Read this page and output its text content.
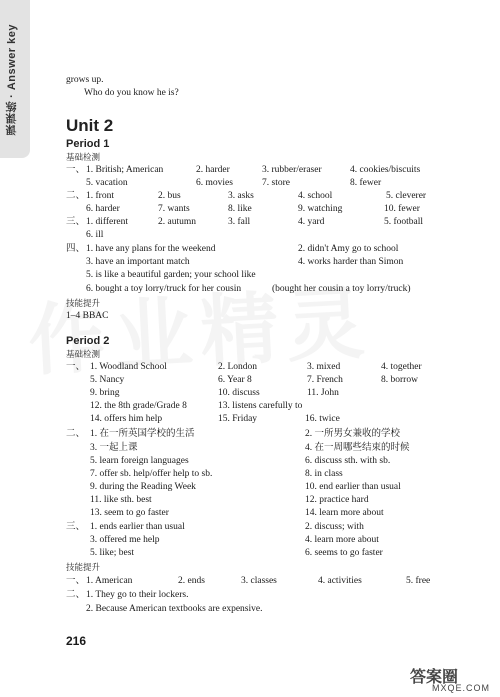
课课练 · Answer key	grows up.
Who do you know he is?
Unit 2
Period 1
基础检测
一、 1. British; American	2. harder	3. rubber/eraser	4. cookies/biscuits
5. vacation	6. movies	7. store	8. fewer
二、 1. front	2. bus	3. asks	4. school	5. cleverer
6. harder	7. wants	8. like	9. watching	10. fewer
三、 1. different	2. autumn	3. fall	4. yard	5. football
6. ill
四、 1. have any plans for the weekend	2. didn't Amy go to school
3. have an important match	4. works harder than Simon
5. is like a beautiful garden; your school like
6. bought a toy lorry/truck for her cousin	(bought her cousin a toy lorry/truck)
技能提升
1–4 BBAC
Period 2
基础检测
一、 1. Woodland School	2. London	3. mixed	4. together
5. Nancy	6. Year 8	7. French	8. borrow
9. bring	10. discuss	11. John
12. the 8th grade/Grade 8	13. listens carefully to
14. offers him help	15. Friday	16. twice
二、 1. 在一所英国学校的生活	2. 一所男女兼收的学校
3. 一起上课	4. 在一周哪些结束的时候
5. learn foreign languages	6. discuss sth. with sb.
7. offer sb. help/offer help to sb.	8. in class
9. during the Reading Week	10. end earlier than usual
11. like sth. best	12. practice hard
13. seem to go faster	14. learn more about
三、 1. ends earlier than usual	2. discuss; with
3. offered me help	4. learn more about
5. like; best	6. seems to go faster
技能提升
一、 1. American	2. ends	3. classes	4. activities	5. free
二、 1. They go to their lockers.
2. Because American textbooks are expensive.
216
答案圈
MXQE.COM
